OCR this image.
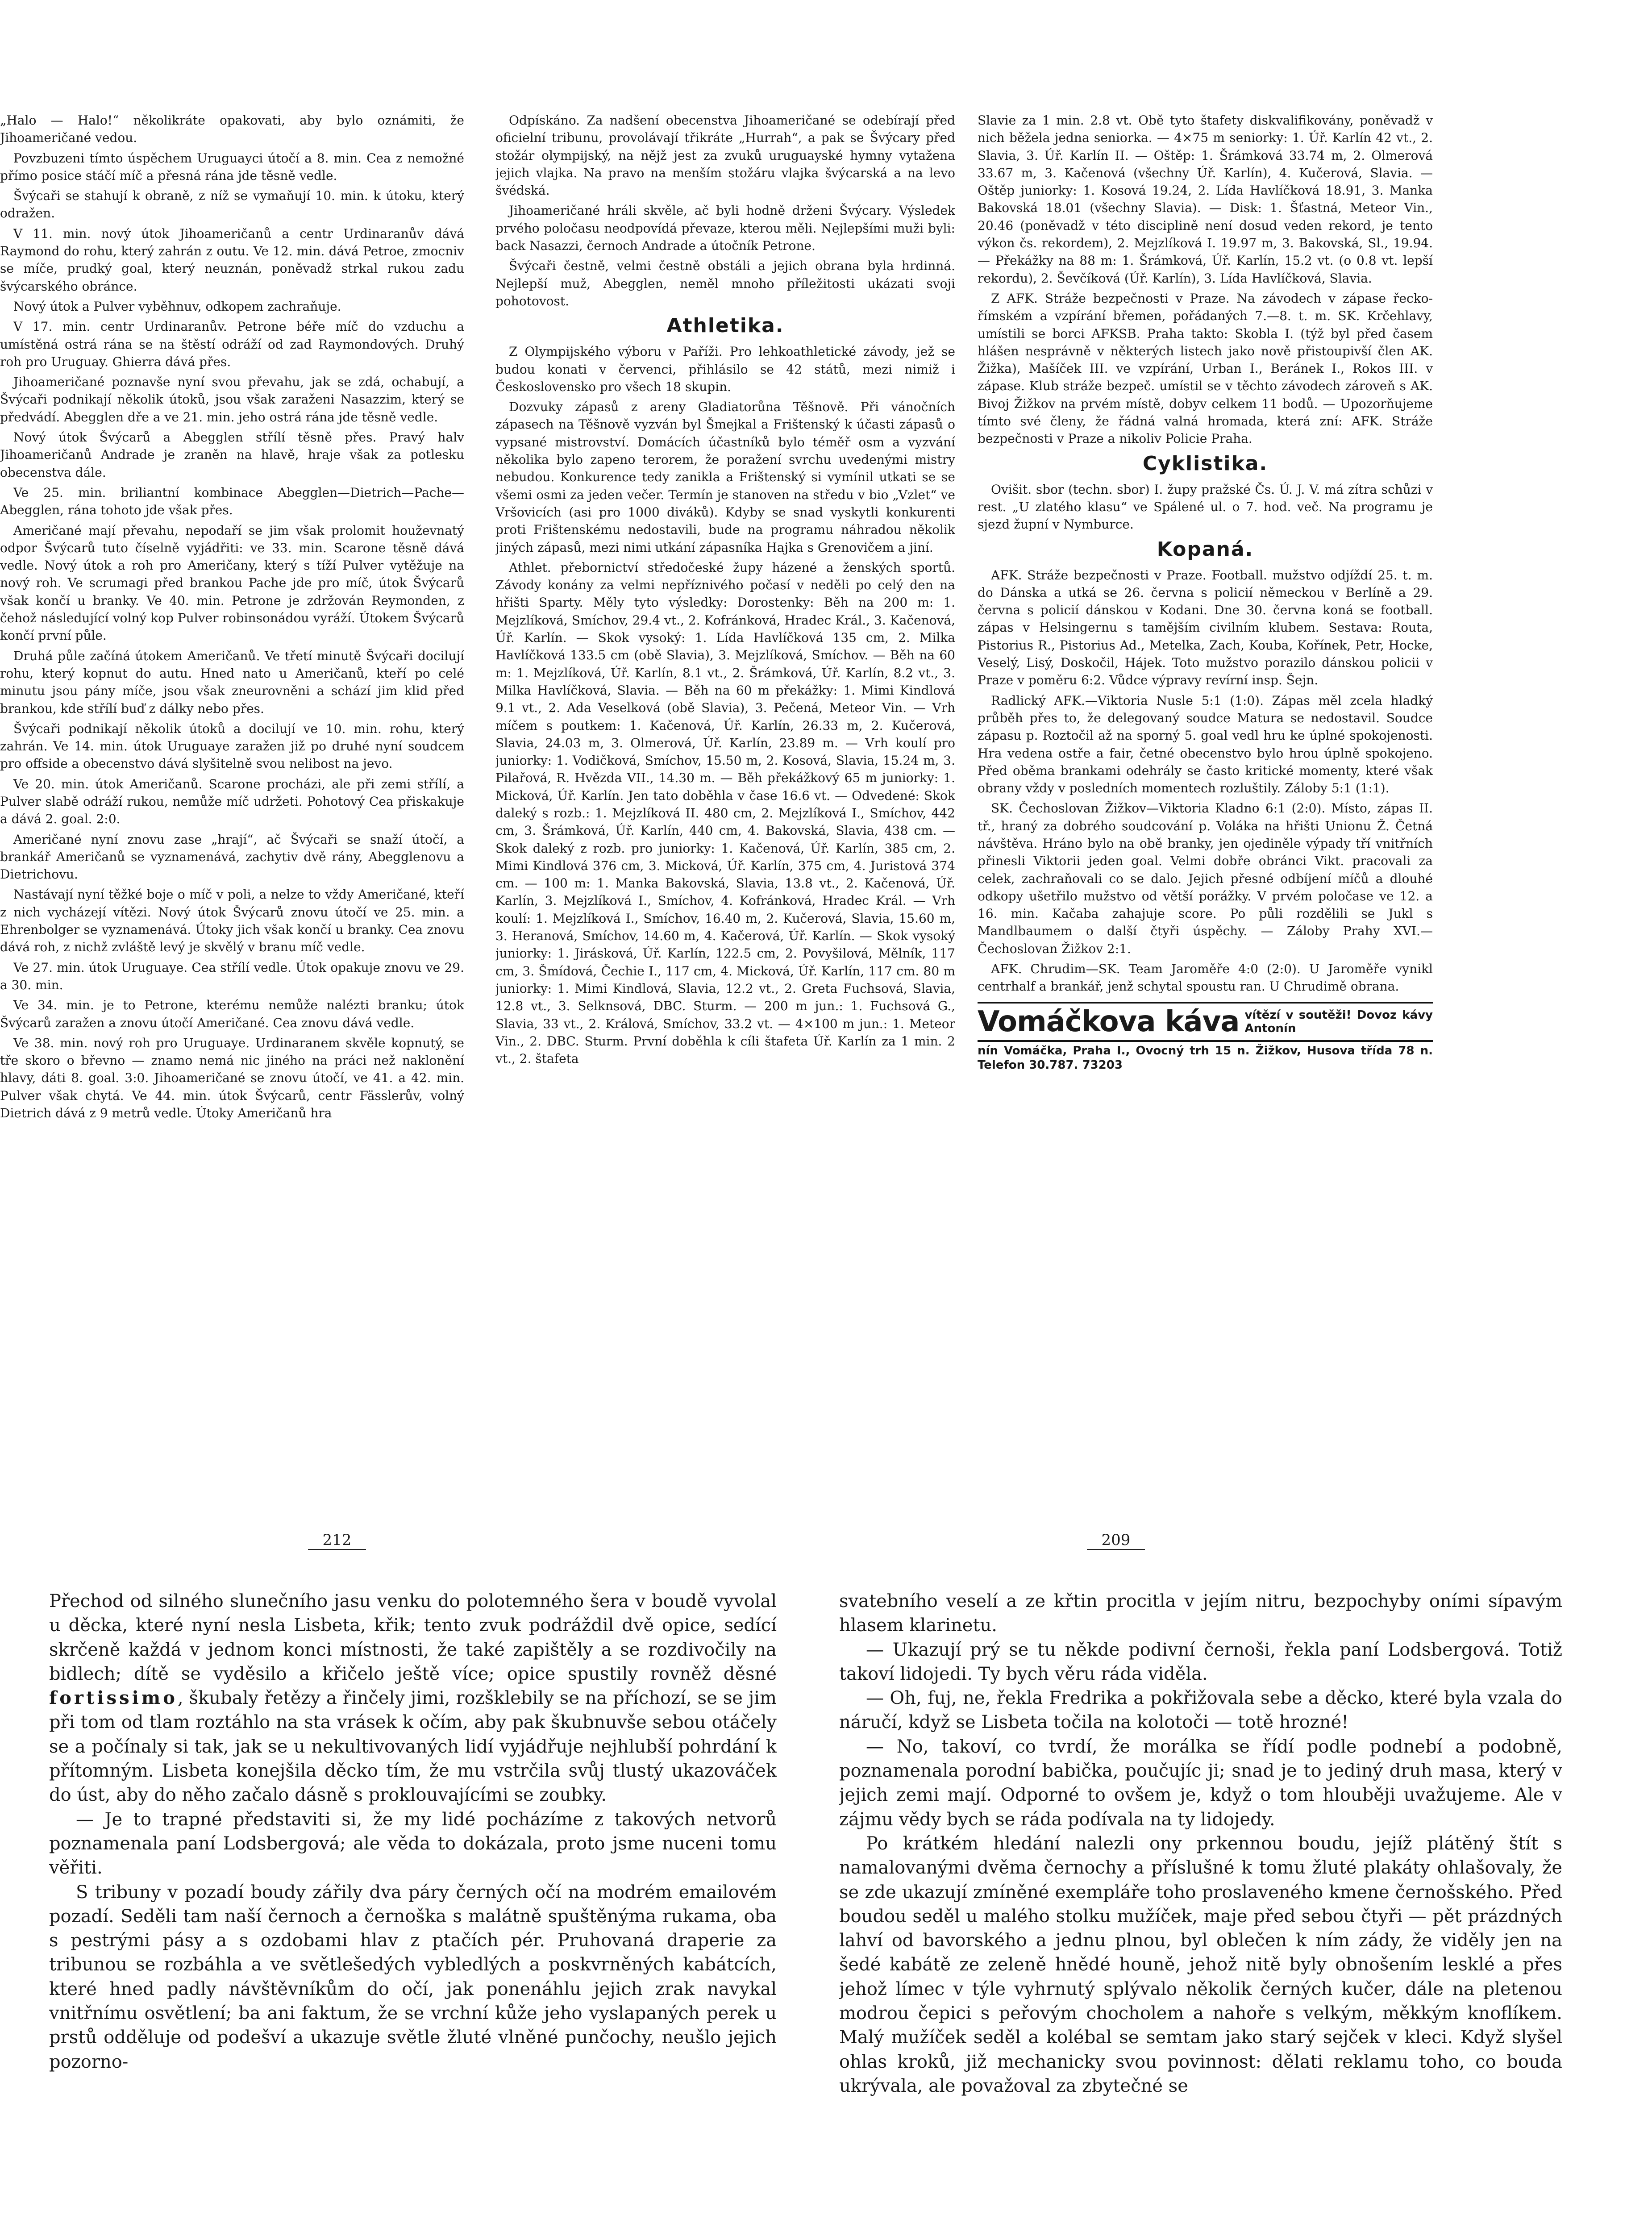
„Halo — Halo!“ několikráte opakovati, aby bylo oznámiti, že Jihoameričané vedou.

Povzbuzeni tímto úspěchem Uruguayci útočí a 8. min. Cea z nemožné přímo posice stáčí míč a přesná rána jde těsně vedle.

Švýcaři se stahují k obraně, z níž se vymaňují 10. min. k útoku, který odražen.

V 11. min. nový útok Jihoameričanů a centr Urdinaranův dává Raymond do rohu, který zahrán z outu. Ve 12. min. dává Petroe, zmocniv se míče, prudký goal, který neuznán, poněvadž strkal rukou zadu švýcarského obránce.

Nový útok a Pulver vyběhnuv, odkopem zachraňuje.

V 17. min. centr Urdinaranův. Petrone béře míč do vzduchu a umístěná ostrá rána se na štěstí odráží od zad Raymondových. Druhý roh pro Uruguay. Ghierra dává přes.

Jihoameričané poznavše nyní svou převahu, jak se zdá, ochabují, a Švýcaři podnikají několik útoků, jsou však zaraženi Nasazzim, který se předvádí. Abegglen dře a ve 21. min. jeho ostrá rána jde těsně vedle.

Nový útok Švýcarů a Abegglen střílí těsně přes. Pravý halv Jihoameričanů Andrade je zraněn na hlavě, hraje však za potlesku obecenstva dále.

Ve 25. min. briliantní kombinace Abegglen—Dietrich—Pache—Abegglen, rána tohoto jde však přes.

Američané mají převahu, nepodaří se jim však prolomit houževnatý odpor Švýcarů tuto číselně vyjádřiti: ve 33. min. Scarone těsně dává vedle. Nový útok a roh pro Američany, který s tíží Pulver vytěžuje na nový roh. Ve scrumagi před brankou Pache jde pro míč, útok Švýcarů však končí u branky. Ve 40. min. Petrone je zdržován Reymonden, z čehož následující volný kop Pulver robinsonádou vyráží. Útokem Švýcarů končí první půle.

Druhá půle začíná útokem Američanů. Ve třetí minutě Švýcaři docilují rohu, který kopnut do autu. Hned nato u Američanů, kteří po celé minutu jsou pány míče, jsou však zneurovněni a schází jim klid před brankou, kde střílí buď z dálky nebo přes.

Švýcaři podnikají několik útoků a docilují ve 10. min. rohu, který zahrán. Ve 14. min. útok Uruguaye zaražen již po druhé nyní soudcem pro offside a obecenstvo dává slyšitelně svou nelibost na jevo.

Ve 20. min. útok Američanů. Scarone procházi, ale při zemi střílí, a Pulver slabě odráží rukou, nemůže míč udržeti. Pohotový Cea přiskakuje a dává 2. goal. 2:0.

Američané nyní znovu zase „hrají“, ač Švýcaři se snaží útočí, a brankář Američanů se vyznamenává, zachytiv dvě rány, Abegglenovu a Dietrichovu.

Nastávají nyní těžké boje o míč v poli, a nelze to vždy Američané, kteří z nich vycházejí vítězi. Nový útok Švýcarů znovu útočí ve 25. min. a Ehrenbolger se vyznamenává. Útoky jich však končí u branky. Cea znovu dává roh, z nichž zvláště levý je skvělý v branu míč vedle.

Ve 27. min. útok Uruguaye. Cea střílí vedle. Útok opakuje znovu ve 29. a 30. min.

Ve 34. min. je to Petrone, kterému nemůže nalézti branku; útok Švýcarů zaražen a znovu útočí Američané. Cea znovu dává vedle.

Ve 38. min. nový roh pro Uruguaye. Urdinaranem skvěle kopnutý, se tře skoro o břevno — znamo nemá nic jiného na práci než naklonění hlavy, dáti 8. goal. 3:0. Jihoameričané se znovu útočí, ve 41. a 42. min. Pulver však chytá. Ve 44. min. útok Švýcarů, centr Fässlerův, volný Dietrich dává z 9 metrů vedle. Útoky Američanů hra

Odpískáno. Za nadšení obecenstva Jihoameričané se odebírají před oficielní tribunu, provolávají třikráte „Hurrah“, a pak se Švýcary před stožár olympijský, na nějž jest za zvuků uruguayské hymny vytažena jejich vlajka. Na pravo na menším stožáru vlajka švýcarská a na levo švédská.

Jihoameričané hráli skvěle, ač byli hodně drženi Švýcary. Výsledek prvého poločasu neodpovídá převaze, kterou měli. Nejlepšími muži byli: back Nasazzi, černoch Andrade a útočník Petrone.

Švýcaři čestně, velmi čestně obstáli a jejich obrana byla hrdinná. Nejlepší muž, Abegglen, neměl mnoho příležitosti ukázati svoji pohotovost.

Athletika.

Z Olympijského výboru v Paříži. Pro lehkoathletické závody, jež se budou konati v červenci, přihlásilo se 42 států, mezi nimiž i Československo pro všech 18 skupin.

Dozvuky zápasů z areny Gladiatorůna Těšnově. Při vánočních zápasech na Těšnově vyzván byl Šmejkal a Frištenský k účasti zápasů o vypsané mistrovství. Domácích účastníků bylo téměř osm a vyzvání několika bylo zapeno terorem, že poražení svrchu uvedenými mistry nebudou. Konkurence tedy zanikla a Frištenský si vymínil utkati se se všemi osmi za jeden večer. Termín je stanoven na středu v bio „Vzlet“ ve Vršovicích (asi pro 1000 diváků). Kdyby se snad vyskytli konkurenti proti Frištenskému nedostavili, bude na programu náhradou několik jiných zápasů, mezi nimi utkání zápasníka Hajka s Grenovičem a jiní.

Athlet. přebornictví středočeské župy házené a ženských sportů. Závody konány za velmi nepříznivého počasí v neděli po celý den na hřišti Sparty. Měly tyto výsledky: Dorostenky: Běh na 200 m: 1. Mejzlíková, Smíchov, 29.4 vt., 2. Kofránková, Hradec Král., 3. Kačenová, Úř. Karlín. — Skok vysoký: 1. Lída Havlíčková 135 cm, 2. Milka Havlíčková 133.5 cm (obě Slavia), 3. Mejzlíková, Smíchov. — Běh na 60 m: 1. Mejzlíková, Úř. Karlín, 8.1 vt., 2. Šrámková, Úř. Karlín, 8.2 vt., 3. Milka Havlíčková, Slavia. — Běh na 60 m překážky: 1. Mimi Kindlová 9.1 vt., 2. Ada Veselková (obě Slavia), 3. Pečená, Meteor Vin. — Vrh míčem s poutkem: 1. Kačenová, Úř. Karlín, 26.33 m, 2. Kučerová, Slavia, 24.03 m, 3. Olmerová, Úř. Karlín, 23.89 m. — Vrh koulí pro juniorky: 1. Vodičková, Smíchov, 15.50 m, 2. Kosová, Slavia, 15.24 m, 3. Pilařová, R. Hvězda VII., 14.30 m. — Běh překážkový 65 m juniorky: 1. Micková, Úř. Karlín. Jen tato doběhla v čase 16.6 vt. — Odvedené: Skok daleký s rozb.: 1. Mejzlíková II. 480 cm, 2. Mejzlíková I., Smíchov, 442 cm, 3. Šrámková, Úř. Karlín, 440 cm, 4. Bakovská, Slavia, 438 cm. — Skok daleký z rozb. pro juniorky: 1. Kačenová, Úř. Karlín, 385 cm, 2. Mimi Kindlová 376 cm, 3. Micková, Úř. Karlín, 375 cm, 4. Juristová 374 cm. — 100 m: 1. Manka Bakovská, Slavia, 13.8 vt., 2. Kačenová, Úř. Karlín, 3. Mejzlíková I., Smíchov, 4. Kofránková, Hradec Král. — Vrh koulí: 1. Mejzlíková I., Smíchov, 16.40 m, 2. Kučerová, Slavia, 15.60 m, 3. Heranová, Smíchov, 14.60 m, 4. Kačerová, Úř. Karlín. — Skok vysoký juniorky: 1. Jirásková, Úř. Karlín, 122.5 cm, 2. Povyšilová, Mělník, 117 cm, 3. Šmídová, Čechie I., 117 cm, 4. Micková, Úř. Karlín, 117 cm. 80 m juniorky: 1. Mimi Kindlová, Slavia, 12.2 vt., 2. Greta Fuchsová, Slavia, 12.8 vt., 3. Selknsová, DBC. Sturm. — 200 m jun.: 1. Fuchsová G., Slavia, 33 vt., 2. Králová, Smíchov, 33.2 vt. — 4×100 m jun.: 1. Meteor Vin., 2. DBC. Sturm. První doběhla k cíli štafeta Úř. Karlín za 1 min. 2 vt., 2. štafeta

Slavie za 1 min. 2.8 vt. Obě tyto štafety diskvalifikovány, poněvadž v nich běžela jedna seniorka. — 4×75 m seniorky: 1. Úř. Karlín 42 vt., 2. Slavia, 3. Úř. Karlín II. — Oštěp: 1. Šrámková 33.74 m, 2. Olmerová 33.67 m, 3. Kačenová (všechny Úř. Karlín), 4. Kučerová, Slavia. — Oštěp juniorky: 1. Kosová 19.24, 2. Lída Havlíčková 18.91, 3. Manka Bakovská 18.01 (všechny Slavia). — Disk: 1. Šťastná, Meteor Vin., 20.46 (poněvadž v této disciplině není dosud veden rekord, je tento výkon čs. rekordem), 2. Mejzlíková I. 19.97 m, 3. Bakovská, Sl., 19.94. — Překážky na 88 m: 1. Šrámková, Úř. Karlín, 15.2 vt. (o 0.8 vt. lepší rekordu), 2. Ševčíková (Úř. Karlín), 3. Lída Havlíčková, Slavia.

Z AFK. Stráže bezpečnosti v Praze. Na závodech v zápase řecko-římském a vzpírání břemen, pořádaných 7.—8. t. m. SK. Krčehlavy, umístili se borci AFKSB. Praha takto: Skobla I. (týž byl před časem hlášen nesprávně v některých listech jako nově přistoupivší člen AK. Žižka), Mašíček III. ve vzpírání, Urban I., Beránek I., Rokos III. v zápase. Klub stráže bezpeč. umístil se v těchto závodech zároveň s AK. Bivoj Žižkov na prvém místě, dobyv celkem 11 bodů. — Upozorňujeme tímto své členy, že řádná valná hromada, která zní: AFK. Stráže bezpečnosti v Praze a nikoliv Policie Praha.

Cyklistika.

Ovišit. sbor (techn. sbor) I. župy pražské Čs. Ú. J. V. má zítra schůzi v rest. „U zlatého klasu“ ve Spálené ul. o 7. hod. več. Na programu je sjezd župní v Nymburce.

Kopaná.

AFK. Stráže bezpečnosti v Praze. Football. mužstvo odjíždí 25. t. m. do Dánska a utká se 26. června s policií německou v Berlíně a 29. června s policií dánskou v Kodani. Dne 30. června koná se football. zápas v Helsingernu s tamějším civilním klubem. Sestava: Routa, Pistorius R., Pistorius Ad., Metelka, Zach, Kouba, Kořínek, Petr, Hocke, Veselý, Lisý, Doskočil, Hájek. Toto mužstvo porazilo dánskou policii v Praze v poměru 6:2. Vůdce výpravy revírní insp. Šejn.

Radlický AFK.—Viktoria Nusle 5:1 (1:0). Zápas měl zcela hladký průběh přes to, že delegovaný soudce Matura se nedostavil. Soudce zápasu p. Roztočil až na sporný 5. goal vedl hru ke úplné spokojenosti. Hra vedena ostře a fair, četné obecenstvo bylo hrou úplně spokojeno. Před oběma brankami odehrály se často kritické momenty, které však obrany vždy v posledních momentech rozluštily. Záloby 5:1 (1:1).

SK. Čechoslovan Žižkov—Viktoria Kladno 6:1 (2:0). Místo, zápas II. tř., hraný za dobrého soudcování p. Voláka na hřišti Unionu Ž. Četná návštěva. Hráno bylo na obě branky, jen ojediněle výpady tří vnitřních přinesli Viktorii jeden goal. Velmi dobře obránci Vikt. pracovali za celek, zachraňovali co se dalo. Jejich přesné odbíjení míčů a dlouhé odkopy ušetřilo mužstvo od větší porážky. V prvém poločase ve 12. a 16. min. Kačaba zahajuje score. Po půli rozdělili se Jukl s Mandlbaumem o další čtyři úspěchy. — Záloby Prahy XVI.—Čechoslovan Žižkov 2:1.

AFK. Chrudim—SK. Team Jaroměře 4:0 (2:0). U Jaroměře vynikl centrhalf a brankář, jenž schytal spoustu ran. U Chrudimě obrana.

Vomáčkova káva vítězí v soutěži! Dovoz kávy Antonín
nín Vomáčka, Praha I., Ovocný trh 15 n. Žižkov, Husova třída 78 n. Telefon 30.787. 73203
212	209

Přechod od silného slunečního jasu venku do polotemného šera v boudě vyvolal u děcka, které nyní nesla Lisbeta, křik; tento zvuk podráždil dvě opice, sedící skrčeně každá v jednom konci místnosti, že také zapištěly a se rozdivočily na bidlech; dítě se vyděsilo a křičelo ještě více; opice spustily rovněž děsné fortissimo, škubaly řetězy a řinčely jimi, rozšklebily se na příchozí, se se jim při tom od tlam roztáhlo na sta vrásek k očím, aby pak škubnuvše sebou otáčely se a počínaly si tak, jak se u nekultivovaných lidí vyjádřuje nejhlubší pohrdání k přítomným. Lisbeta konejšila děcko tím, že mu vstrčila svůj tlustý ukazováček do úst, aby do něho začalo dásně s proklouvajícími se zoubky.

— Je to trapné představiti si, že my lidé pocházíme z takových netvorů poznamenala paní Lodsbergová; ale věda to dokázala, proto jsme nuceni tomu věřiti.

S tribuny v pozadí boudy zářily dva páry černých očí na modrém emailovém pozadí. Seděli tam naší černoch a černoška s malátně spuštěnýma rukama, oba s pestrými pásy a s ozdobami hlav z ptačích pér. Pruhovaná draperie za tribunou se rozbáhla a ve světlešedých vybledlých a poskvrněných kabátcích, které hned padly návštěvníkům do očí, jak ponenáhlu jejich zrak navykal vnitřnímu osvětlení; ba ani faktum, že se vrchní kůže jeho vyslapaných perek u prstů odděluje od podešví a ukazuje světle žluté vlněné punčochy, neušlo jejich pozorno-

svatebního veselí a ze křtin procitla v jejím nitru, bezpochyby oními sípavým hlasem klarinetu.

— Ukazují prý se tu někde podivní černoši, řekla paní Lodsbergová. Totiž takoví lidojedi. Ty bych věru ráda viděla.

— Oh, fuj, ne, řekla Fredrika a pokřižovala sebe a děcko, které byla vzala do náručí, když se Lisbeta točila na kolotoči — totě hrozné!

— No, takoví, co tvrdí, že morálka se řídí podle podnebí a podobně, poznamenala porodní babička, poučujíc ji; snad je to jediný druh masa, který v jejich zemi mají. Odporné to ovšem je, když o tom hlouběji uvažujeme. Ale v zájmu vědy bych se ráda podívala na ty lidojedy.

Po krátkém hledání nalezli ony prkennou boudu, jejíž plátěný štít s namalovanými dvěma černochy a příslušné k tomu žluté plakáty ohlašovaly, že se zde ukazují zmíněné exempláře toho proslaveného kmene černošského. Před boudou seděl u malého stolku mužíček, maje před sebou čtyři — pět prázdných lahví od bavorského a jednu plnou, byl oblečen k ním zády, že viděly jen na šedé kabátě ze zeleně hnědé houně, jehož nitě byly obnošením lesklé a přes jehož límec v týle vyhrnutý splývalo několik černých kučer, dále na pletenou modrou čepici s peřovým chocholem a nahoře s velkým, měkkým knoflíkem. Malý mužíček seděl a kolébal se semtam jako starý sejček v kleci. Když slyšel ohlas kroků, již mechanicky svou povinnost: dělati reklamu toho, co bouda ukrývala, ale považoval za zbytečné se
